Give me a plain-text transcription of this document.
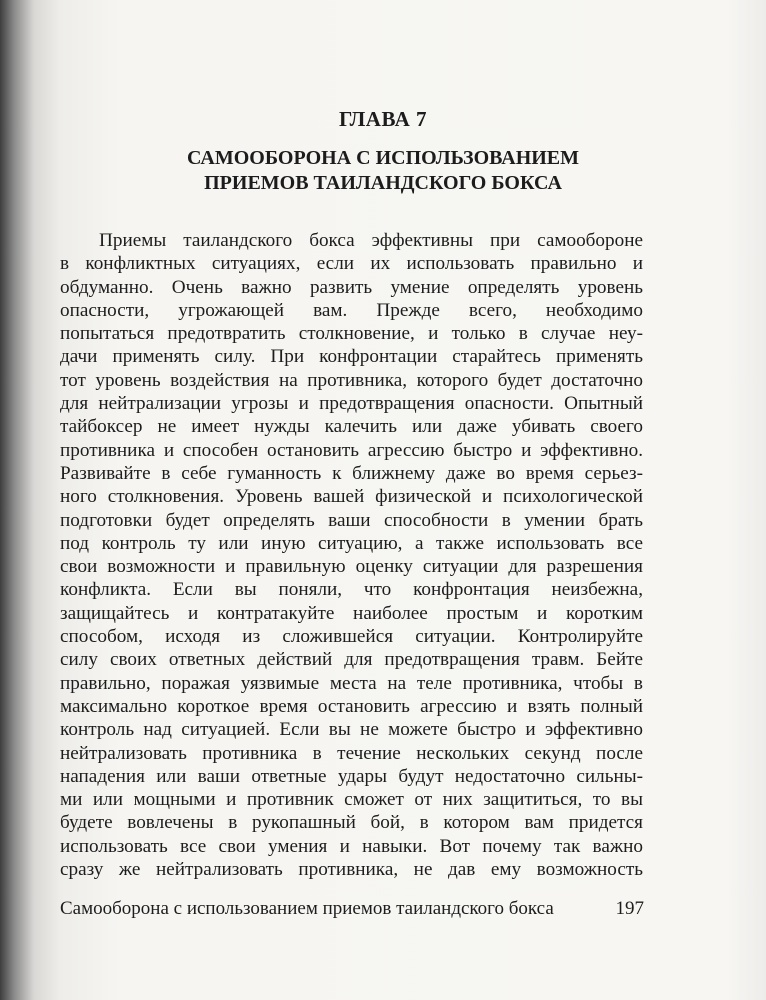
ГЛАВА 7
САМООБОРОНА С ИСПОЛЬЗОВАНИЕМ
ПРИЕМОВ ТАИЛАНДСКОГО БОКСА
Приемы таиландского бокса эффективны при самообороне
в конфликтных ситуациях, если их использовать правильно и
обдуманно. Очень важно развить умение определять уровень
опасности, угрожающей вам. Прежде всего, необходимо
попытаться предотвратить столкновение, и только в случае неу-
дачи применять силу. При конфронтации старайтесь применять
тот уровень воздействия на противника, которого будет достаточно
для нейтрализации угрозы и предотвращения опасности. Опытный
тайбоксер не имеет нужды калечить или даже убивать своего
противника и способен остановить агрессию быстро и эффективно.
Развивайте в себе гуманность к ближнему даже во время серьез-
ного столкновения. Уровень вашей физической и психологической
подготовки будет определять ваши способности в умении брать
под контроль ту или иную ситуацию, а также использовать все
свои возможности и правильную оценку ситуации для разрешения
конфликта. Если вы поняли, что конфронтация неизбежна,
защищайтесь и контратакуйте наиболее простым и коротким
способом, исходя из сложившейся ситуации. Контролируйте
силу своих ответных действий для предотвращения травм. Бейте
правильно, поражая уязвимые места на теле противника, чтобы в
максимально короткое время остановить агрессию и взять полный
контроль над ситуацией. Если вы не можете быстро и эффективно
нейтрализовать противника в течение нескольких секунд после
нападения или ваши ответные удары будут недостаточно сильны-
ми или мощными и противник сможет от них защититься, то вы
будете вовлечены в рукопашный бой, в котором вам придется
использовать все свои умения и навыки. Вот почему так важно
сразу же нейтрализовать противника, не дав ему возможность
Самооборона с использованием приемов таиландского бокса	197
